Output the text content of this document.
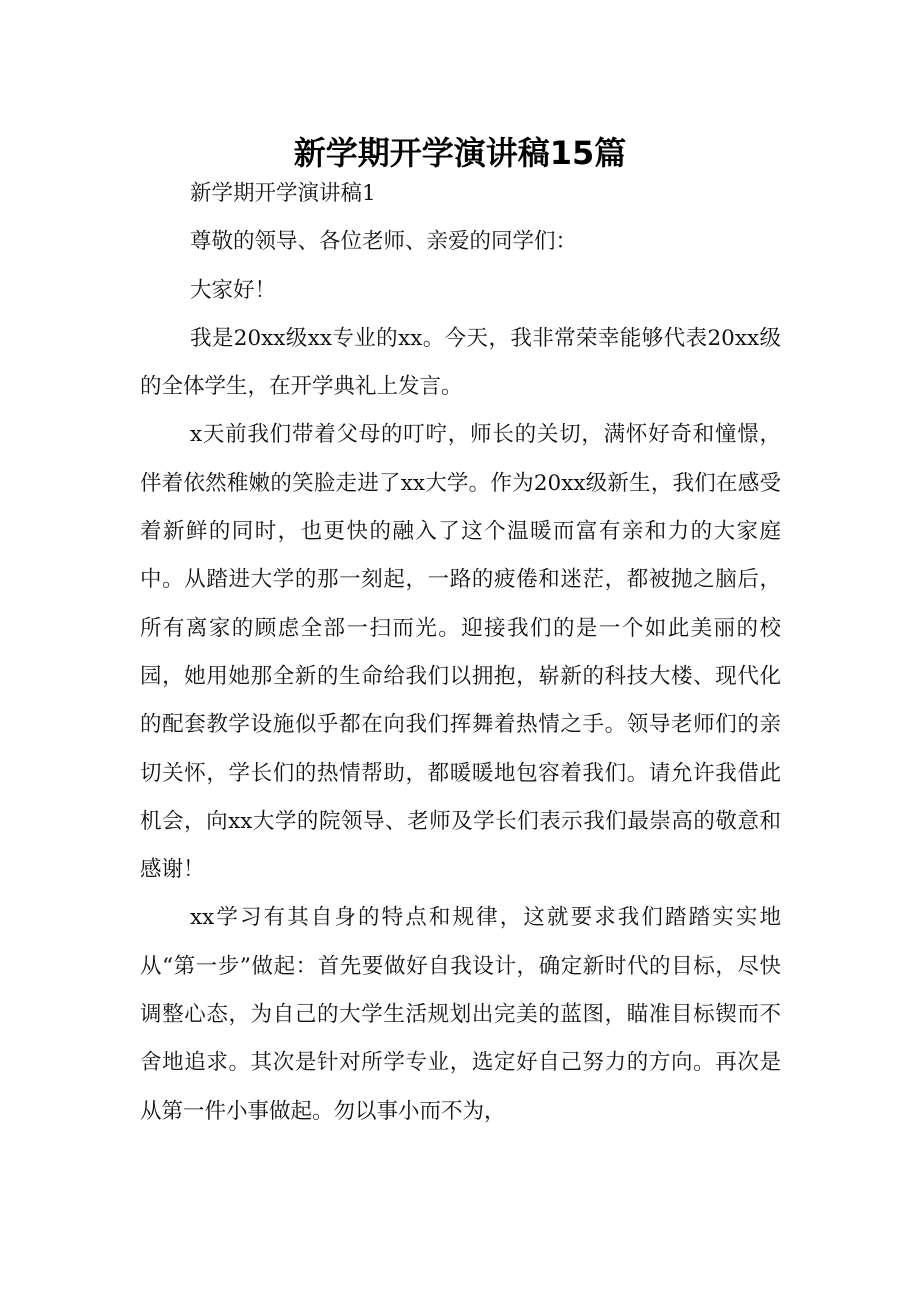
新学期开学演讲稿15篇

新学期开学演讲稿1

尊敬的领导、各位老师、亲爱的同学们：

大家好！

我是20xx级xx专业的xx。今天，我非常荣幸能够代表20xx级的全体学生，在开学典礼上发言。

x天前我们带着父母的叮咛，师长的关切，满怀好奇和憧憬，伴着依然稚嫩的笑脸走进了xx大学。作为20xx级新生，我们在感受着新鲜的同时，也更快的融入了这个温暖而富有亲和力的大家庭中。从踏进大学的那一刻起，一路的疲倦和迷茫，都被抛之脑后，所有离家的顾虑全部一扫而光。迎接我们的是一个如此美丽的校园，她用她那全新的生命给我们以拥抱，崭新的科技大楼、现代化的配套教学设施似乎都在向我们挥舞着热情之手。领导老师们的亲切关怀，学长们的热情帮助，都暖暖地包容着我们。请允许我借此机会，向xx大学的院领导、老师及学长们表示我们最崇高的敬意和感谢！

xx学习有其自身的特点和规律，这就要求我们踏踏实实地从“第一步”做起：首先要做好自我设计，确定新时代的目标，尽快调整心态，为自己的大学生活规划出完美的蓝图，瞄准目标锲而不舍地追求。其次是针对所学专业，选定好自己努力的方向。再次是从第一件小事做起。勿以事小而不为，
